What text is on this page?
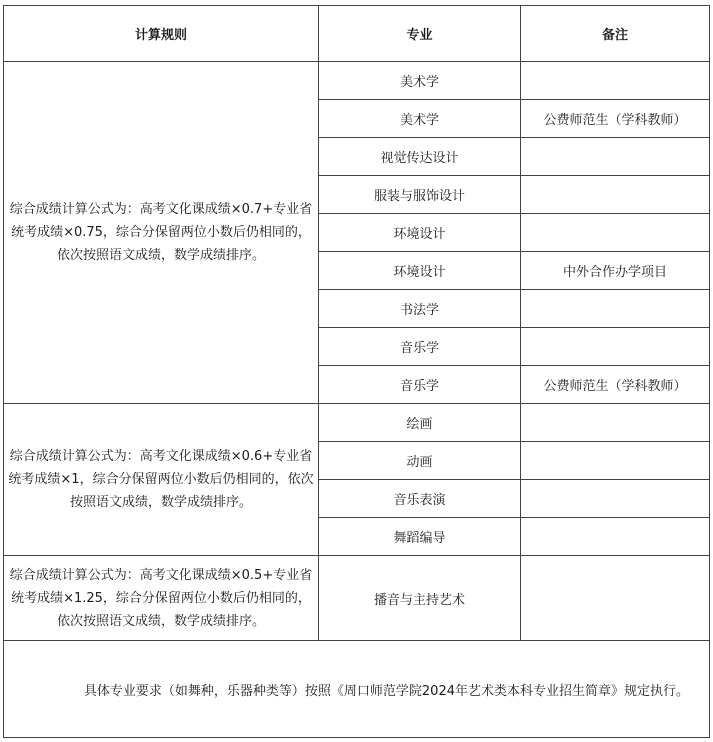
计算规则	专业	备注
综合成绩计算公式为：高考文化课成绩×0.7+专业省统考成绩×0.75，综合分保留两位小数后仍相同的，依次按照语文成绩，数学成绩排序。	美术学	
	美术学	公费师范生（学科教师）
	视觉传达设计	
	服装与服饰设计	
	环境设计	
	环境设计	中外合作办学项目
	书法学	
	音乐学	
	音乐学	公费师范生（学科教师）
综合成绩计算公式为：高考文化课成绩×0.6+专业省统考成绩×1，综合分保留两位小数后仍相同的，依次按照语文成绩，数学成绩排序。	绘画	
	动画	
	音乐表演	
	舞蹈编导	
综合成绩计算公式为：高考文化课成绩×0.5+专业省统考成绩×1.25，综合分保留两位小数后仍相同的，依次按照语文成绩，数学成绩排序。	播音与主持艺术	
具体专业要求（如舞种，乐器种类等）按照《周口师范学院2024年艺术类本科专业招生简章》规定执行。		
